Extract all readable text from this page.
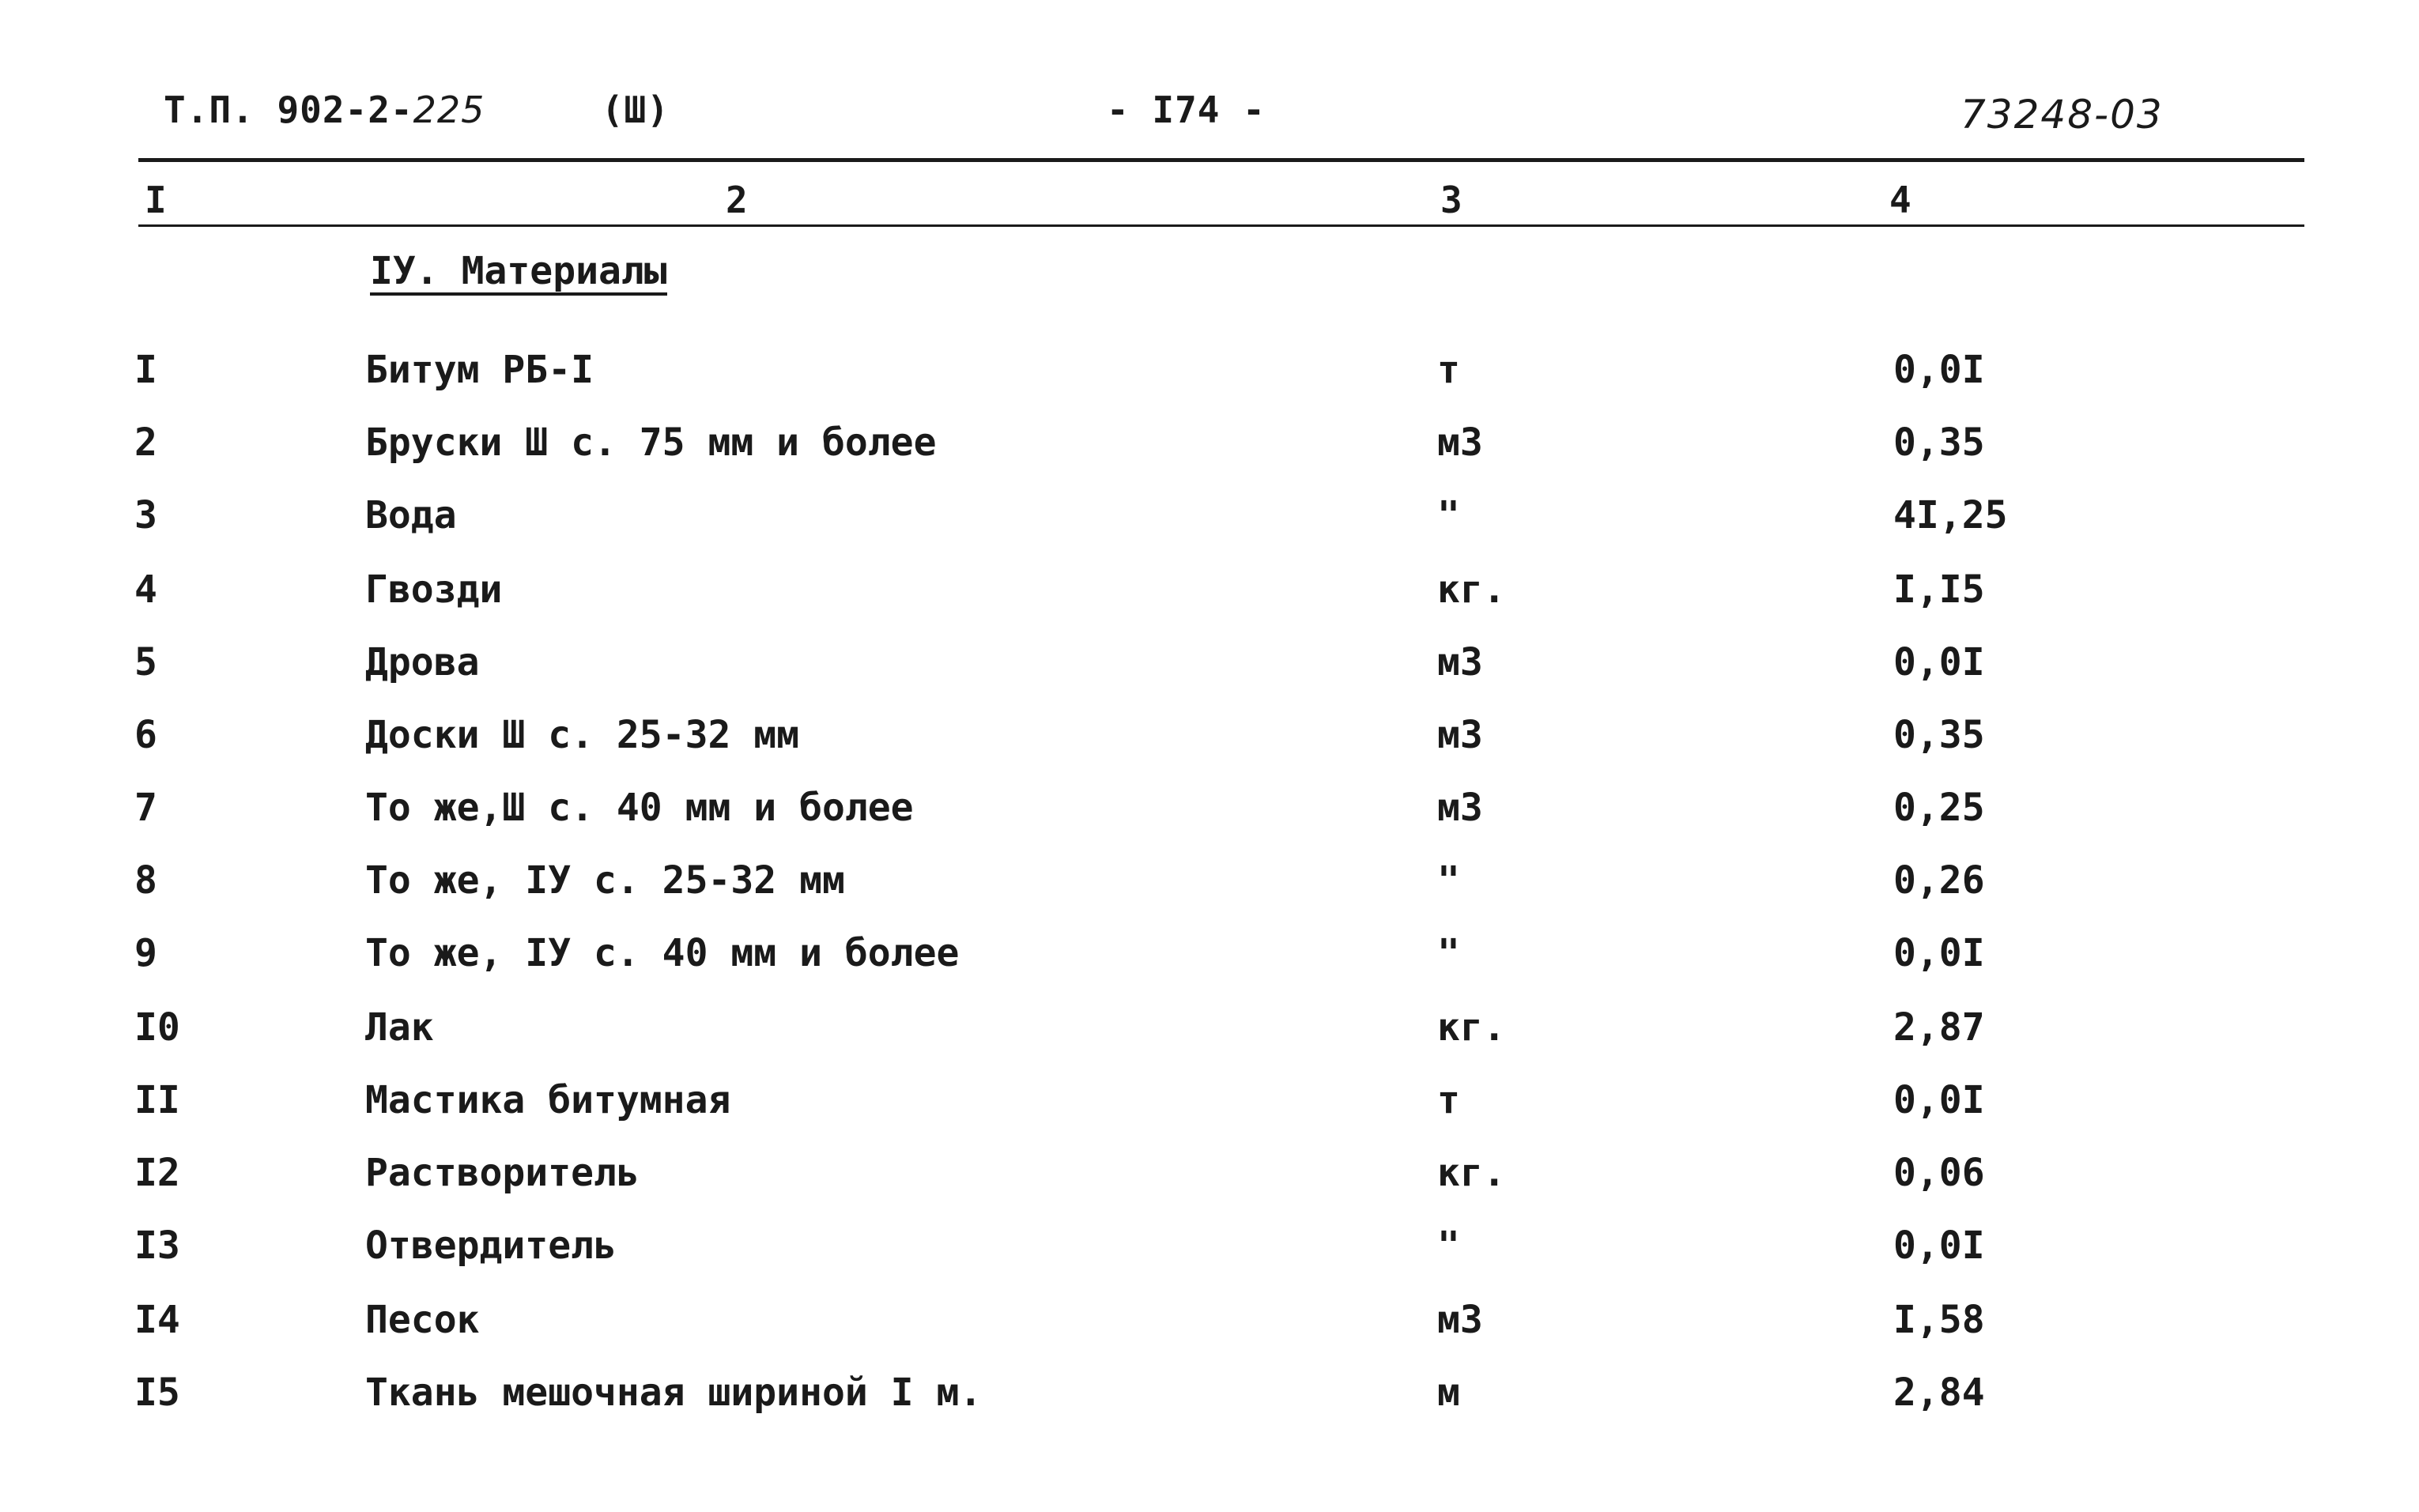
Т.П. 902-2-225	(Ш)	- I74 -	73248-03
I	2	3	4
IУ. Материалы
I	Битум РБ-I	т	0,0I
2	Бруски Ш с. 75 мм и более	м3	0,35
3	Вода	"	4I,25
4	Гвозди	кг.	I,I5
5	Дрова	м3	0,0I
6	Доски Ш с. 25-32 мм	м3	0,35
7	То же,Ш с. 40 мм и более	м3	0,25
8	То же, IУ с. 25-32 мм	"	0,26
9	То же, IУ с. 40 мм и более	"	0,0I
I0	Лак	кг.	2,87
II	Мастика битумная	т	0,0I
I2	Растворитель	кг.	0,06
I3	Отвердитель	"	0,0I
I4	Песок	м3	I,58
I5	Ткань мешочная шириной I м.	м	2,84
